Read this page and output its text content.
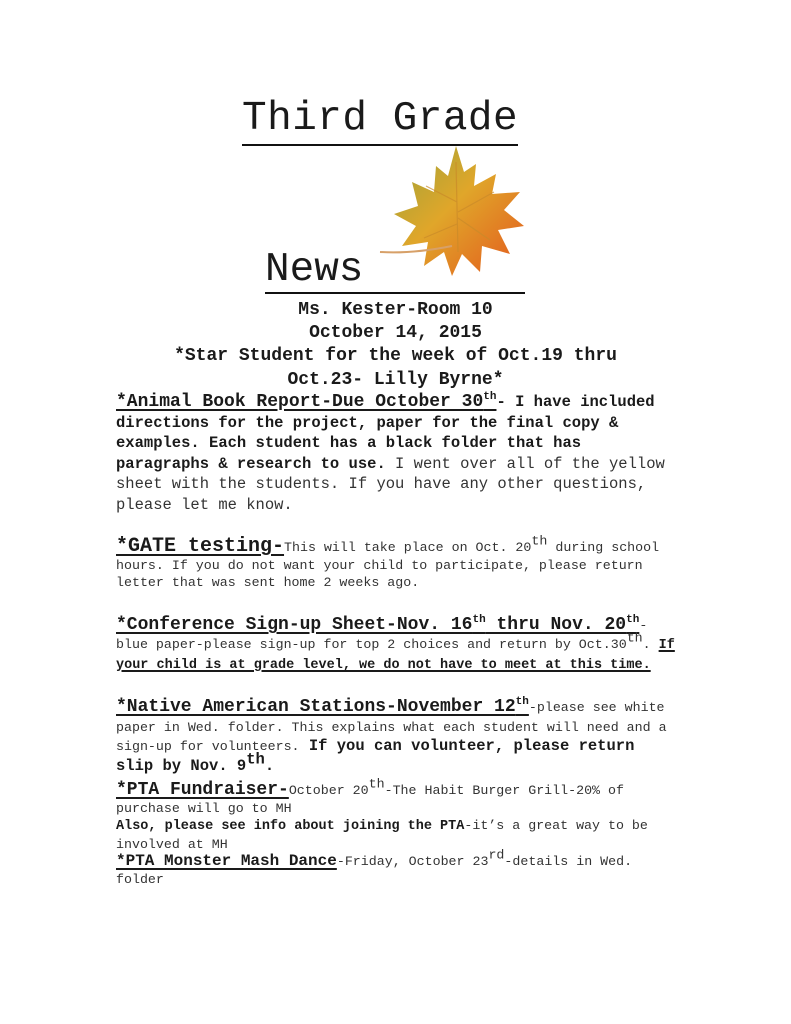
Third Grade
News
Ms. Kester-Room 10
October 14, 2015
*Star Student for the week of Oct.19 thru
Oct.23- Lilly Byrne*

*Animal Book Report-Due October 30th- I have included directions for the project, paper for the final copy & examples. Each student has a black folder that has paragraphs & research to use. I went over all of the yellow sheet with the students. If you have any other questions, please let me know.

*GATE testing-This will take place on Oct. 20th during school hours. If you do not want your child to participate, please return letter that was sent home 2 weeks ago.

*Conference Sign-up Sheet-Nov. 16th thru Nov. 20th-blue paper-please sign-up for top 2 choices and return by Oct.30th. If your child is at grade level, we do not have to meet at this time.

*Native American Stations-November 12th-please see white paper in Wed. folder. This explains what each student will need and a sign-up for volunteers. If you can volunteer, please return slip by Nov. 9th.

*PTA Fundraiser-October 20th-The Habit Burger Grill-20% of purchase will go to MH

Also, please see info about joining the PTA-it’s a great way to be involved at MH

*PTA Monster Mash Dance-Friday, October 23rd-details in Wed. folder
